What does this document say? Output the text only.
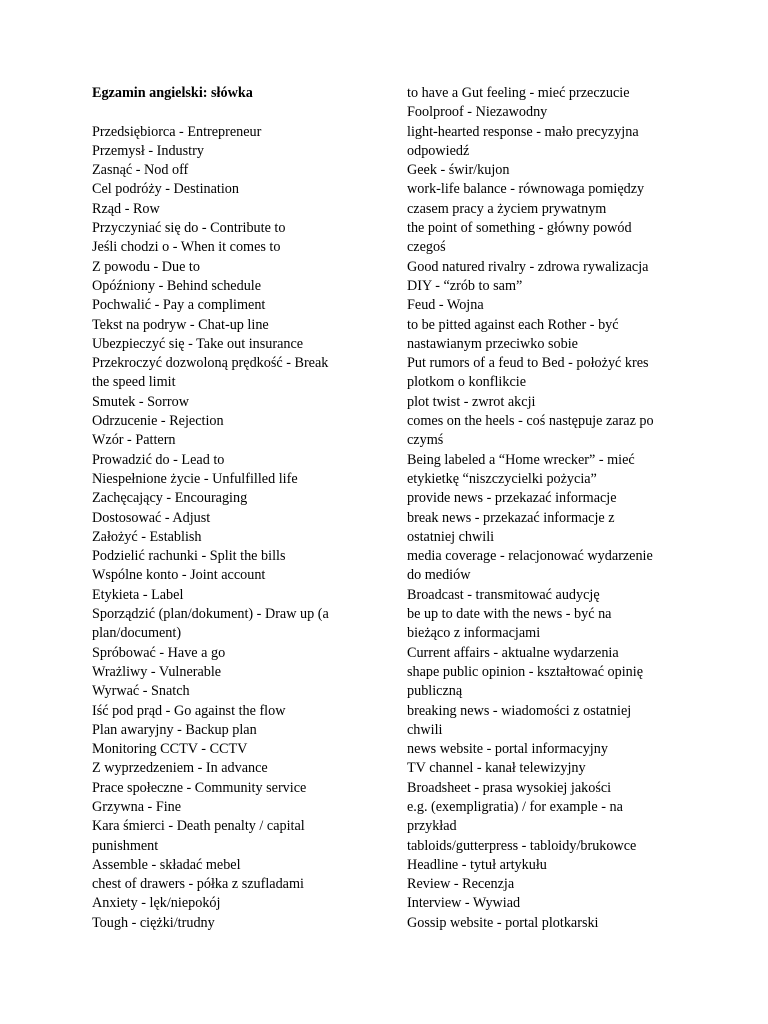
Egzamin angielski: słówka
Przedsiębiorca - Entrepreneur
Przemysł - Industry
Zasnąć - Nod off
Cel podróży - Destination
Rząd - Row
Przyczyniać się do - Contribute to
Jeśli chodzi o - When it comes to
Z powodu - Due to
Opóźniony - Behind schedule
Pochwalić - Pay a compliment
Tekst na podryw - Chat-up line
Ubezpieczyć się - Take out insurance
Przekroczyć dozwoloną prędkość - Break
the speed limit
Smutek - Sorrow
Odrzucenie - Rejection
Wzór - Pattern
Prowadzić do - Lead to
Niespełnione życie - Unfulfilled life
Zachęcający - Encouraging
Dostosować - Adjust
Założyć - Establish
Podzielić rachunki - Split the bills
Wspólne konto - Joint account
Etykieta - Label
Sporządzić (plan/dokument) - Draw up (a
plan/document)
Spróbować - Have a go
Wrażliwy - Vulnerable
Wyrwać - Snatch
Iść pod prąd - Go against the flow
Plan awaryjny - Backup plan
Monitoring CCTV - CCTV
Z wyprzedzeniem - In advance
Prace społeczne - Community service
Grzywna - Fine
Kara śmierci - Death penalty / capital
punishment
Assemble - składać mebel
chest of drawers - półka z szufladami
Anxiety - lęk/niepokój
Tough - ciężki/trudny
to have a Gut feeling - mieć przeczucie
Foolproof - Niezawodny
light-hearted response - mało precyzyjna
odpowiedź
Geek - świr/kujon
work-life balance - równowaga pomiędzy
czasem pracy a życiem prywatnym
the point of something - główny powód
czegoś
Good natured rivalry - zdrowa rywalizacja
DIY - “zrób to sam”
Feud - Wojna
to be pitted against each Rother - być
nastawianym przeciwko sobie
Put rumors of a feud to Bed - położyć kres
plotkom o konflikcie
plot twist - zwrot akcji
comes on the heels - coś następuje zaraz po
czymś
Being labeled a “Home wrecker” - mieć
etykietkę “niszczycielki pożycia”
provide news - przekazać informacje
break news - przekazać informacje z
ostatniej chwili
media coverage - relacjonować wydarzenie
do mediów
Broadcast - transmitować audycję
be up to date with the news - być na
bieżąco z informacjami
Current affairs - aktualne wydarzenia
shape public opinion - kształtować opinię
publiczną
breaking news - wiadomości z ostatniej
chwili
news website - portal informacyjny
TV channel - kanał telewizyjny
Broadsheet - prasa wysokiej jakości
e.g. (exempligratia) / for example - na
przykład
tabloids/gutterpress - tabloidy/brukowce
Headline - tytuł artykułu
Review - Recenzja
Interview - Wywiad
Gossip website - portal plotkarski
